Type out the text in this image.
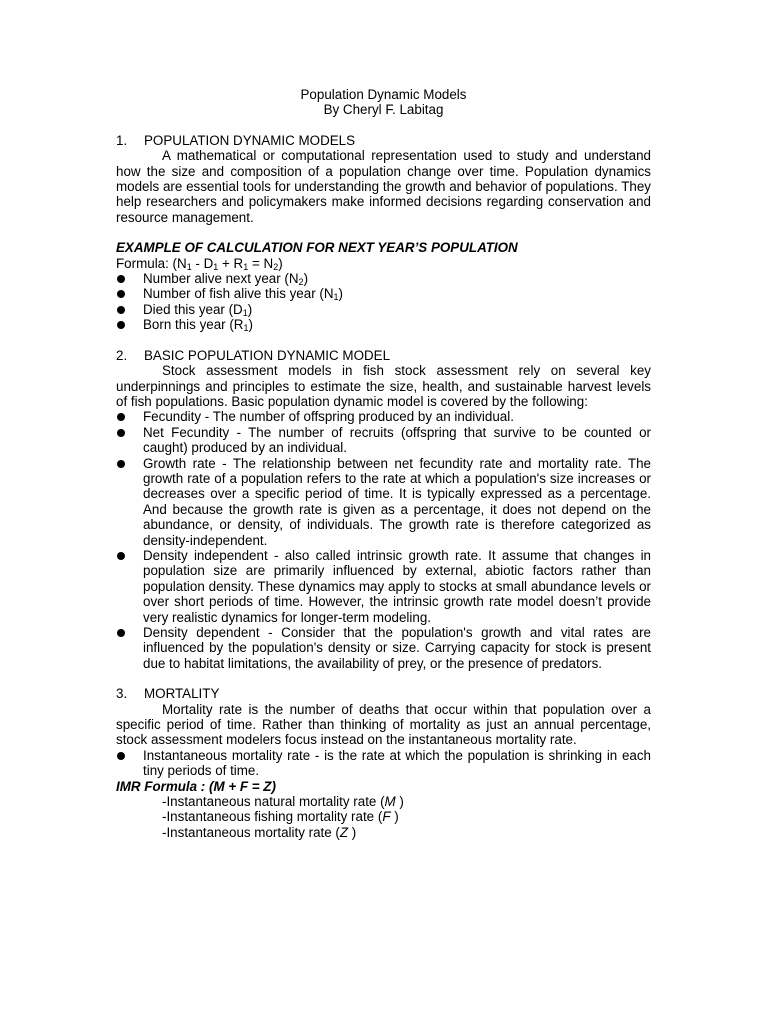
Population Dynamic Models

By Cheryl F. Labitag

1.	POPULATION DYNAMIC MODELS

A mathematical or computational representation used to study and understand how the size and composition of a population change over time. Population dynamics models are essential tools for understanding the growth and behavior of populations. They help researchers and policymakers make informed decisions regarding conservation and resource management.

EXAMPLE OF CALCULATION FOR NEXT YEAR’S POPULATION

Formula: $(N_1 - D_1 + R_1 = N_2)$

Number alive next year $(N_2)$
Number of fish alive this year $(N_1)$
Died this year $(D_1)$
Born this year $(R_1)$
2.	BASIC POPULATION DYNAMIC MODEL

Stock assessment models in fish stock assessment rely on several key underpinnings and principles to estimate the size, health, and sustainable harvest levels of fish populations. Basic population dynamic model is covered by the following:

Fecundity - The number of offspring produced by an individual.
Net Fecundity - The number of recruits (offspring that survive to be counted or caught) produced by an individual.
Growth rate - The relationship between net fecundity rate and mortality rate. The growth rate of a population refers to the rate at which a population's size increases or decreases over a specific period of time. It is typically expressed as a percentage. And because the growth rate is given as a percentage, it does not depend on the abundance, or density, of individuals. The growth rate is therefore categorized as density-independent.
Density independent - also called intrinsic growth rate. It assume that changes in population size are primarily influenced by external, abiotic factors rather than population density. These dynamics may apply to stocks at small abundance levels or over short periods of time. However, the intrinsic growth rate model doesn’t provide very realistic dynamics for longer-term modeling.
Density dependent - Consider that the population's growth and vital rates are influenced by the population's density or size. Carrying capacity for stock is present due to habitat limitations, the availability of prey, or the presence of predators.
3.	MORTALITY

Mortality rate is the number of deaths that occur within that population over a specific period of time. Rather than thinking of mortality as just an annual percentage, stock assessment modelers focus instead on the instantaneous mortality rate.

Instantaneous mortality rate - is the rate at which the population is shrinking in each tiny periods of time.

IMR Formula : (M + F = Z)

-Instantaneous natural mortality rate (M )

-Instantaneous fishing mortality rate (F )

-Instantaneous mortality rate (Z )
